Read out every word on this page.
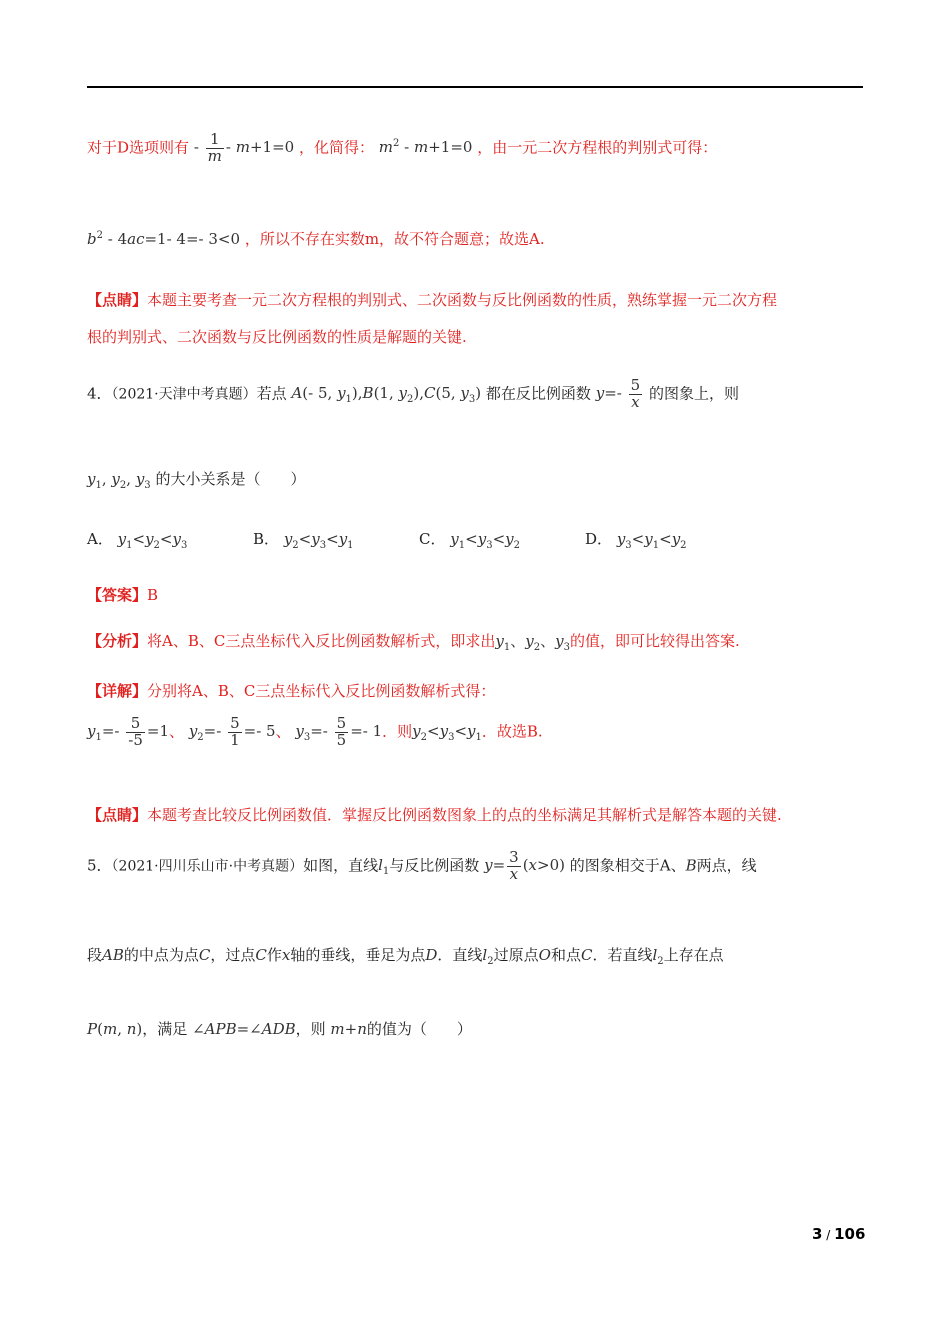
对于D选项则有 - $\frac{1}{m} - m+1=0$ ，化简得： $m^2 - m+1=0$ ，由一元二次方程根的判别式可得：
$b^2 - 4ac=1-$ 4=- 3<0 ，所以不存在实数m，故不符合题意；故选A.
【点睛】本题主要考查一元二次方程根的判别式、二次函数与反比例函数的性质，熟练掌握一元二次方程
根的判别式、二次函数与反比例函数的性质是解题的关键.
4．（2021·天津中考真题）若点 A(- 5, $y_1),B(1$, $y_2),C(5$, $y_3$) 都在反比例函数 $y=- \frac{5}{x}$ 的图象上，则
$y_1$, $y_2$, $y_3$ 的大小关系是（　　）
A． $y_1<y_2<y_3$	B． $y_2<y_3<y_1$	C． $y_1<y_3<y_2$	D． $y_3<y_1<y_2$
【答案】B
【分析】将A、B、C三点坐标代入反比例函数解析式，即求出$y_1$、$y_2$、$y_3$的值，即可比较得出答案.
【详解】分别将A、B、C三点坐标代入反比例函数解析式得：
$y_1=- \frac{5}{-5} =1$、 $y_2=- \frac{5}{1} =- 5$、 $y_3=- \frac{5}{5} =- 1$．则$y_2<y_3<y_1$．故选B.
【点睛】本题考查比较反比例函数值．掌握反比例函数图象上的点的坐标满足其解析式是解答本题的关键.
5．（2021·四川乐山市·中考真题）如图，直线$l_1$与反比例函数 $y= \frac{3}{x} (x>0)$ 的图象相交于A、B两点，线
段AB的中点为点C，过点C作x轴的垂线，垂足为点D．直线$l_2$过原点O和点C．若直线$l_2$上存在点
P(m, n)，满足 ∠APB=∠ADB，则 m+n的值为（　　）
3 / 106
